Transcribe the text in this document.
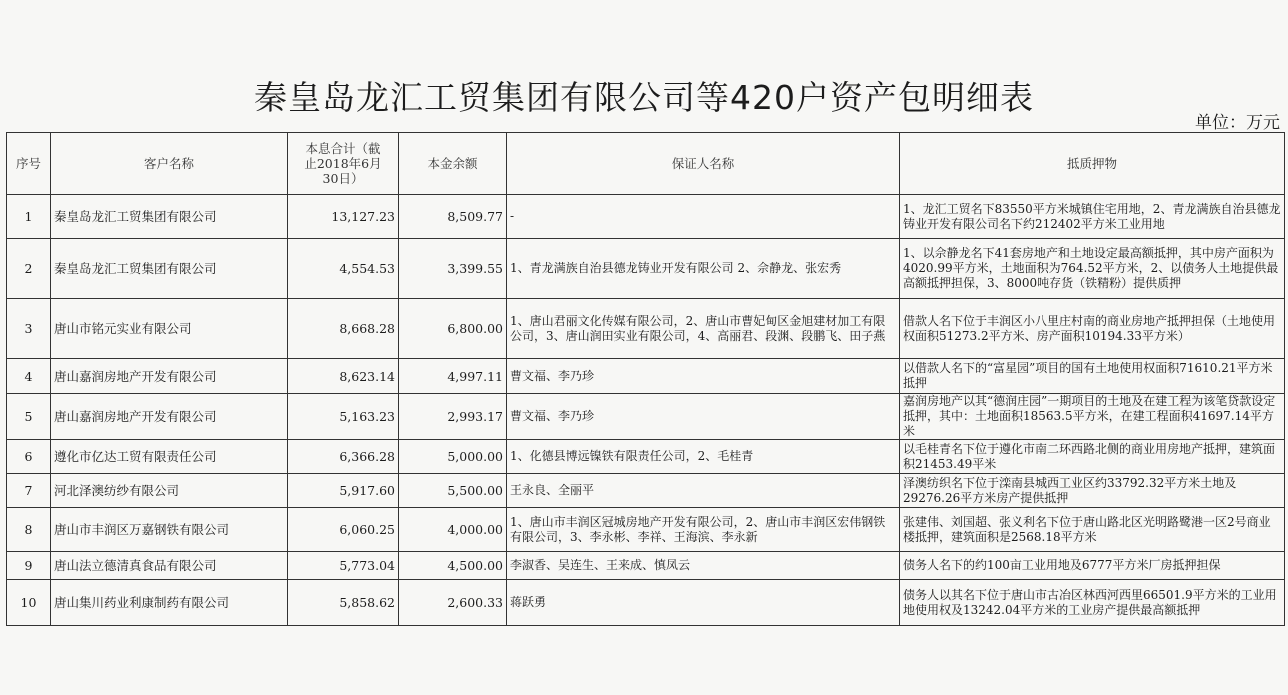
秦皇岛龙汇工贸集团有限公司等420户资产包明细表
单位：万元
序号	客户名称	本息合计（截止2018年6月30日）	本金余额	保证人名称	抵质押物
1	秦皇岛龙汇工贸集团有限公司	13,127.23	8,509.77	-	1、龙汇工贸名下83550平方米城镇住宅用地，2、青龙满族自治县德龙铸业开发有限公司名下约212402平方米工业用地
2	秦皇岛龙汇工贸集团有限公司	4,554.53	3,399.55	1、青龙满族自治县德龙铸业开发有限公司 2、佘静龙、张宏秀	1、以佘静龙名下41套房地产和土地设定最高额抵押，其中房产面积为4020.99平方米，土地面积为764.52平方米，2、以债务人土地提供最高额抵押担保，3、8000吨存货（铁精粉）提供质押
3	唐山市铭元实业有限公司	8,668.28	6,800.00	1、唐山君丽文化传媒有限公司，2、唐山市曹妃甸区金旭建材加工有限公司，3、唐山润田实业有限公司，4、高丽君、段渊、段鹏飞、田子燕	借款人名下位于丰润区小八里庄村南的商业房地产抵押担保（土地使用权面积51273.2平方米、房产面积10194.33平方米）
4	唐山嘉润房地产开发有限公司	8,623.14	4,997.11	曹文福、李乃珍	以借款人名下的“富星园”项目的国有土地使用权面积71610.21平方米抵押
5	唐山嘉润房地产开发有限公司	5,163.23	2,993.17	曹文福、李乃珍	嘉润房地产以其“德润庄园”一期项目的土地及在建工程为该笔贷款设定抵押，其中：土地面积18563.5平方米，在建工程面积41697.14平方米
6	遵化市亿达工贸有限责任公司	6,366.28	5,000.00	1、化德县博远镍铁有限责任公司，2、毛桂青	以毛桂青名下位于遵化市南二环西路北侧的商业用房地产抵押，建筑面积21453.49平米
7	河北泽澳纺纱有限公司	5,917.60	5,500.00	王永良、全丽平	泽澳纺织名下位于滦南县城西工业区约33792.32平方米土地及29276.26平方米房产提供抵押
8	唐山市丰润区万嘉钢铁有限公司	6,060.25	4,000.00	1、唐山市丰润区冠城房地产开发有限公司，2、唐山市丰润区宏伟钢铁有限公司，3、李永彬、李祥、王海滨、李永新	张建伟、刘国超、张义利名下位于唐山路北区光明路鹭港一区2号商业楼抵押，建筑面积是2568.18平方米
9	唐山法立德清真食品有限公司	5,773.04	4,500.00	李淑香、吴连生、王来成、慎凤云	债务人名下的约100亩工业用地及6777平方米厂房抵押担保
10	唐山集川药业利康制药有限公司	5,858.62	2,600.33	蒋跃勇	债务人以其名下位于唐山市古冶区林西河西里66501.9平方米的工业用地使用权及13242.04平方米的工业房产提供最高额抵押
